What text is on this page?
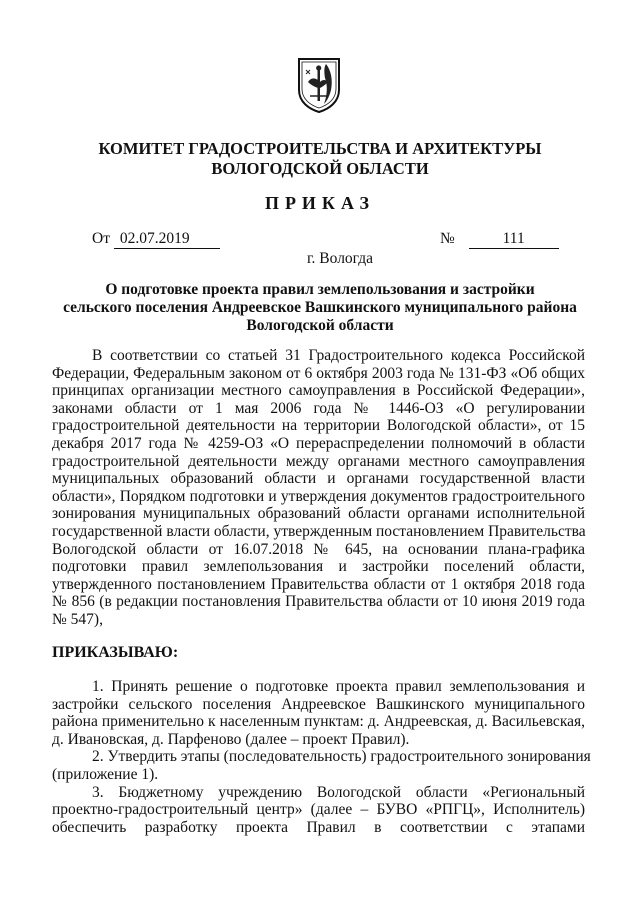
КОМИТЕТ ГРАДОСТРОИТЕЛЬСТВА И АРХИТЕКТУРЫ
ВОЛОГОДСКОЙ ОБЛАСТИ
ПРИКАЗ
От 02.07.2019	№	111
г. Вологда
О подготовке проекта правил землепользования и застройки
сельского поселения Андреевское Вашкинского муниципального района
Вологодской области
В соответствии со статьей 31 Градостроительного кодекса Российской
Федерации, Федеральным законом от 6 октября 2003 года № 131-ФЗ «Об общих
принципах организации местного самоуправления в Российской Федерации»,
законами области от 1 мая 2006 года № 1446-ОЗ «О регулировании
градостроительной деятельности на территории Вологодской области», от 15
декабря 2017 года № 4259-ОЗ «О перераспределении полномочий в области
градостроительной деятельности между органами местного самоуправления
муниципальных образований области и органами государственной власти
области», Порядком подготовки и утверждения документов градостроительного
зонирования муниципальных образований области органами исполнительной
государственной власти области, утвержденным постановлением Правительства
Вологодской области от 16.07.2018 № 645, на основании плана-графика
подготовки правил землепользования и застройки поселений области,
утвержденного постановлением Правительства области от 1 октября 2018 года
№ 856 (в редакции постановления Правительства области от 10 июня 2019 года
№ 547),
ПРИКАЗЫВАЮ:
1. Принять решение о подготовке проекта правил землепользования и
застройки сельского поселения Андреевское Вашкинского муниципального
района применительно к населенным пунктам: д. Андреевская, д. Васильевская,
д. Ивановская, д. Парфеново (далее – проект Правил).
2. Утвердить этапы (последовательность) градостроительного зонирования
(приложение 1).
3. Бюджетному учреждению Вологодской области «Региональный
проектно-градостроительный центр» (далее – БУВО «РПГЦ», Исполнитель)
обеспечить разработку проекта Правил в соответствии с этапами
